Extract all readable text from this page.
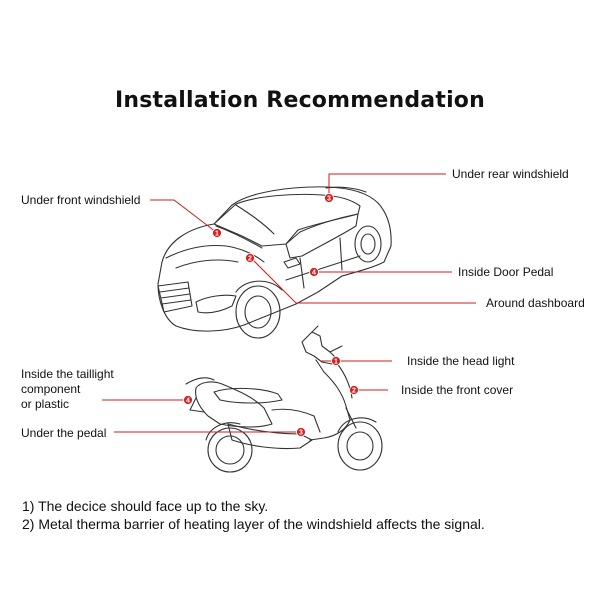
Installation Recommendation
1
2
3
4
1
2
3
4
Under front windshield
Around dashboard
Under rear windshield
Inside Door Pedal
Inside the head light
Inside the front cover
Under the pedal
Inside the taillight
component
or plastic
1) The decice should face up to the sky.
2) Metal therma barrier of heating layer of the windshield affects the signal.
